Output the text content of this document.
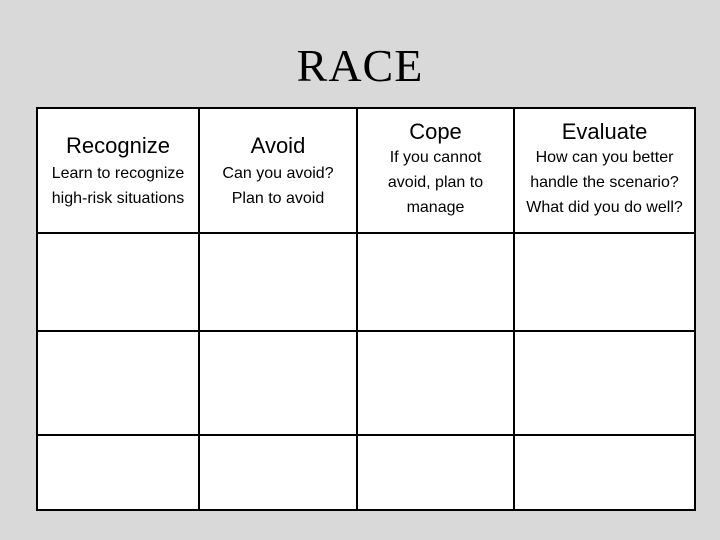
RACE
Recognize
Learn to recognize
high-risk situations
Avoid
Can you avoid?
Plan to avoid
Cope
If you cannot
avoid, plan to
manage
Evaluate
How can you better
handle the scenario?
What did you do well?
